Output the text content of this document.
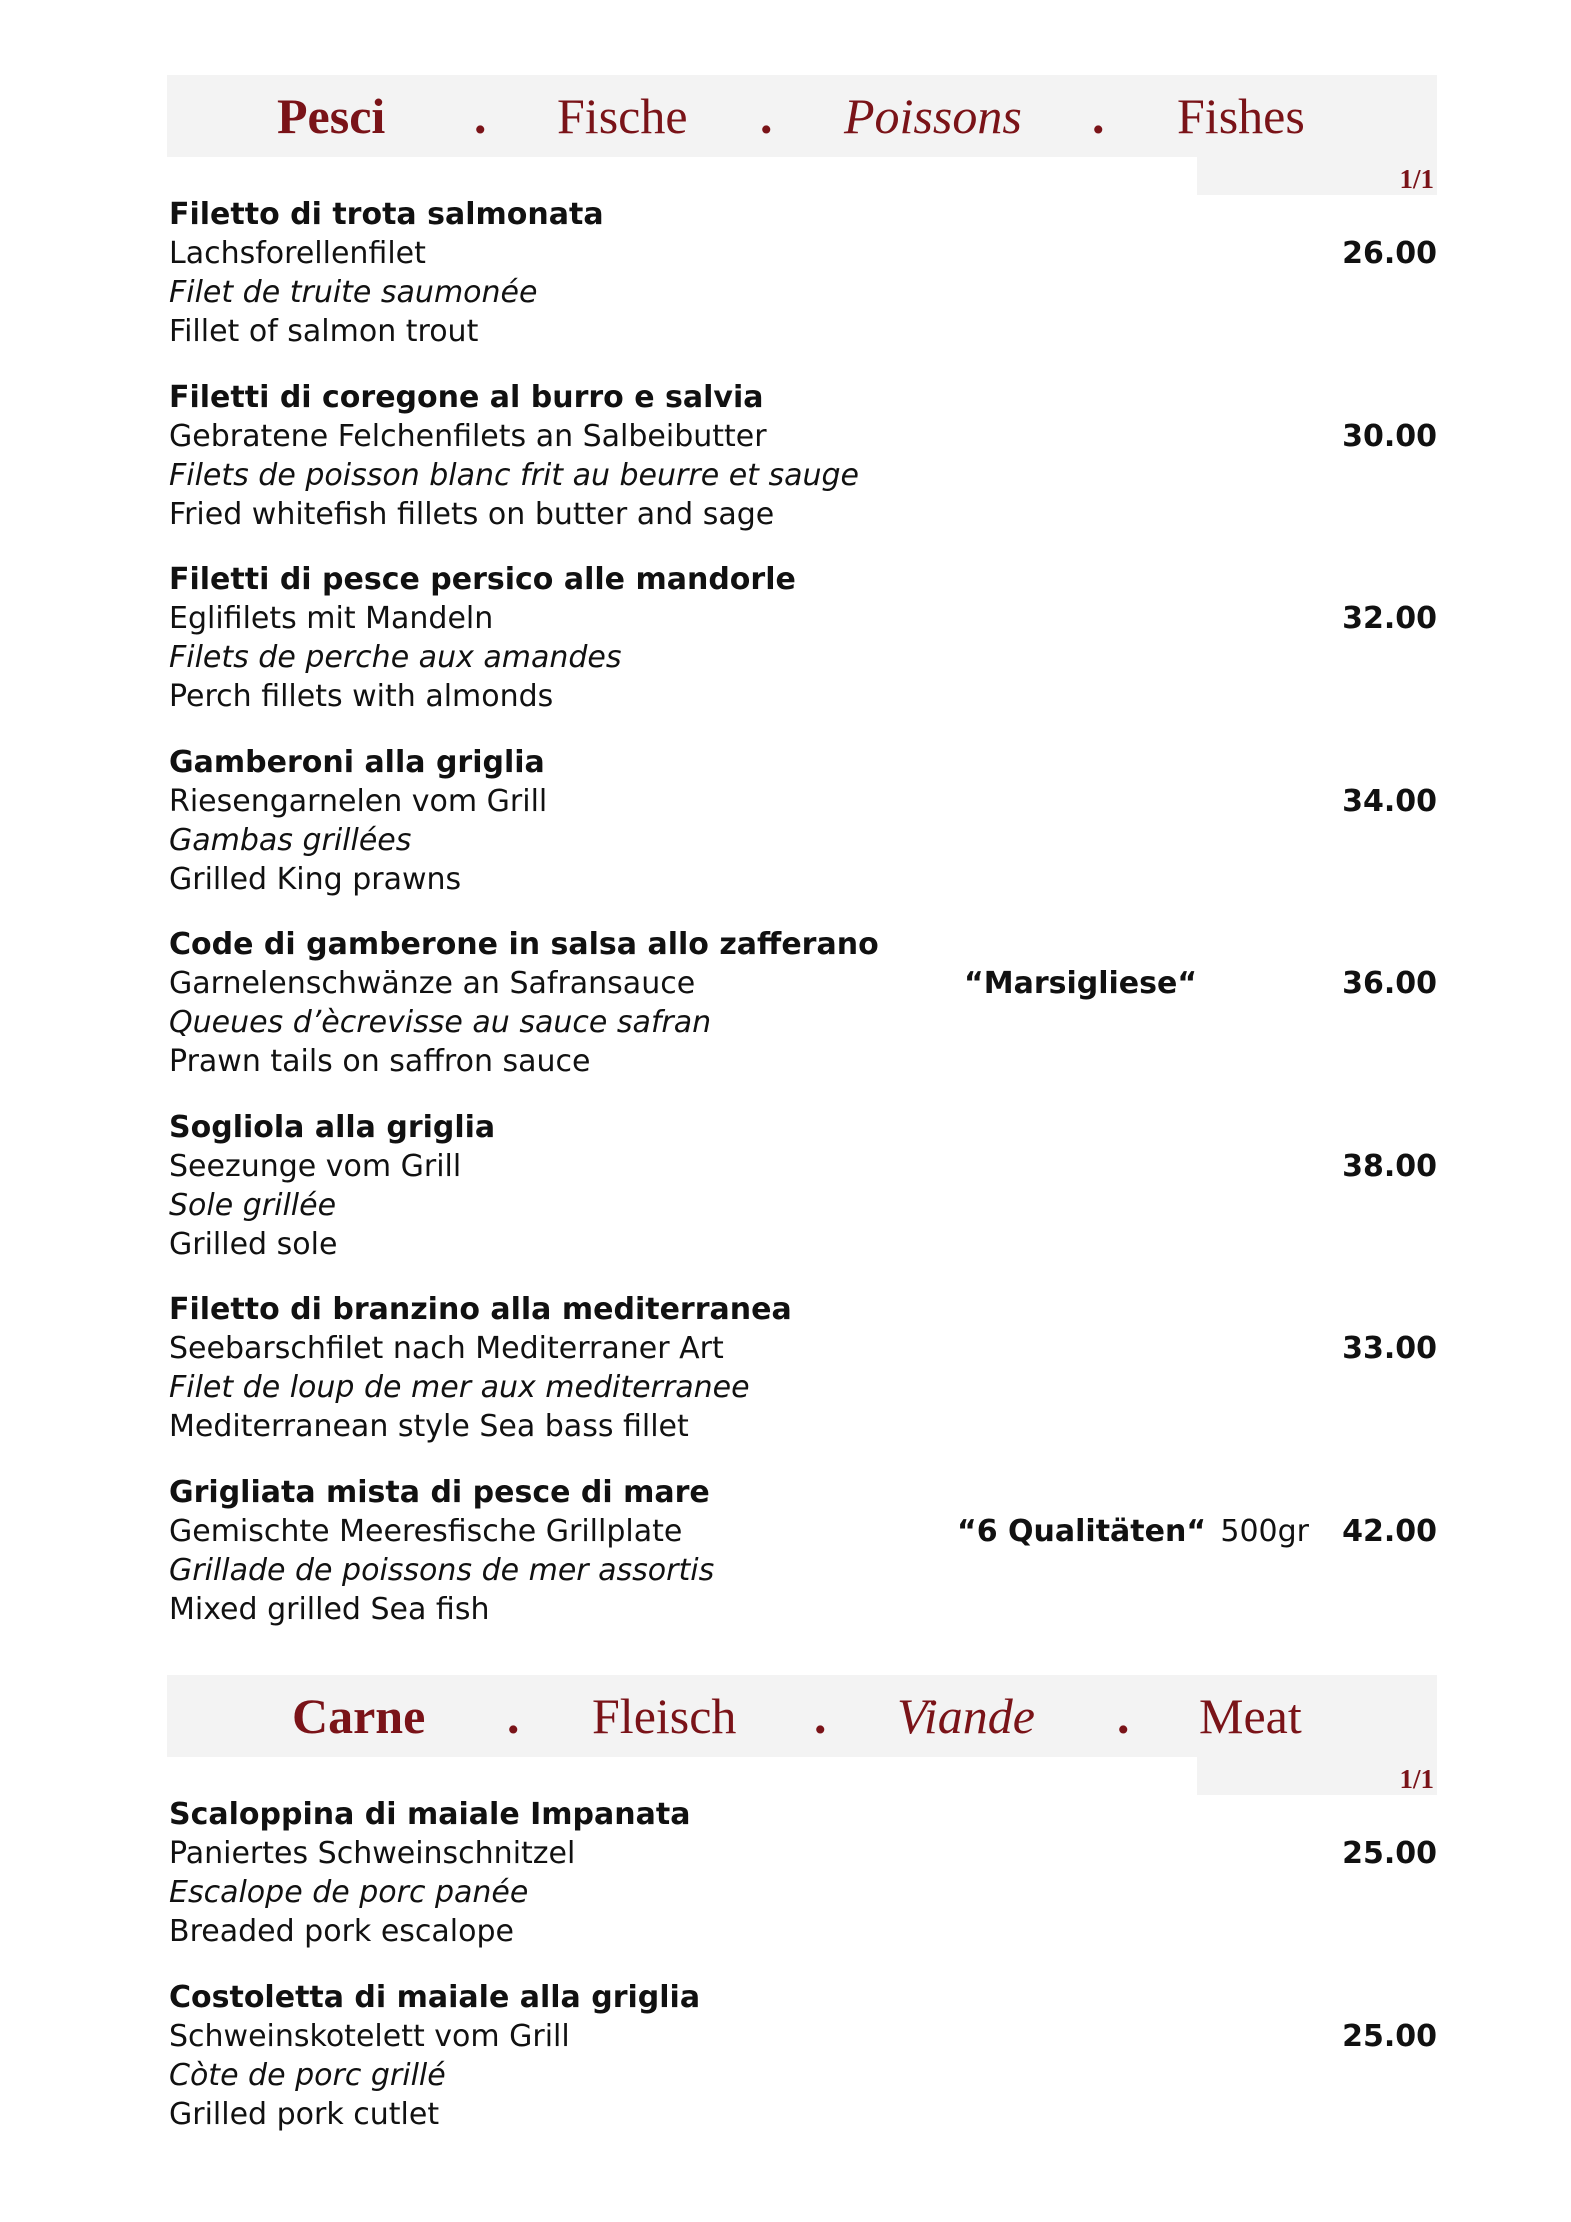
Pesci . Fische . Poissons . Fishes
1/1
Filetto di trota salmonata
Lachsforellenfilet
Filet de truite saumonée
Fillet of salmon trout
26.00
Filetti di coregone al burro e salvia
Gebratene Felchenfilets an Salbeibutter
Filets de poisson blanc frit au beurre et sauge
Fried whitefish fillets on butter and sage
30.00
Filetti di pesce persico alle mandorle
Eglifilets mit Mandeln
Filets de perche aux amandes
Perch fillets with almonds
32.00
Gamberoni alla griglia
Riesengarnelen vom Grill
Gambas grillées
Grilled King prawns
34.00
Code di gamberone in salsa allo zafferano
Garnelenschwänze an Safransauce
Queues d’ècrevisse au sauce safran
Prawn tails on saffron sauce
“Marsigliese“	36.00
Sogliola alla griglia
Seezunge vom Grill
Sole grillée
Grilled sole
38.00
Filetto di branzino alla mediterranea
Seebarschfilet nach Mediterraner Art
Filet de loup de mer aux mediterranee
Mediterranean style Sea bass fillet
33.00
Grigliata mista di pesce di mare
Gemischte Meeresfische Grillplate
Grillade de poissons de mer assortis
Mixed grilled Sea fish
“6 Qualitäten“ 500gr 42.00
Carne . Fleisch . Viande . Meat
1/1
Scaloppina di maiale Impanata
Paniertes Schweinschnitzel
Escalope de porc panée
Breaded pork escalope
25.00
Costoletta di maiale alla griglia
Schweinskotelett vom Grill
Còte de porc grillé
Grilled pork cutlet
25.00
